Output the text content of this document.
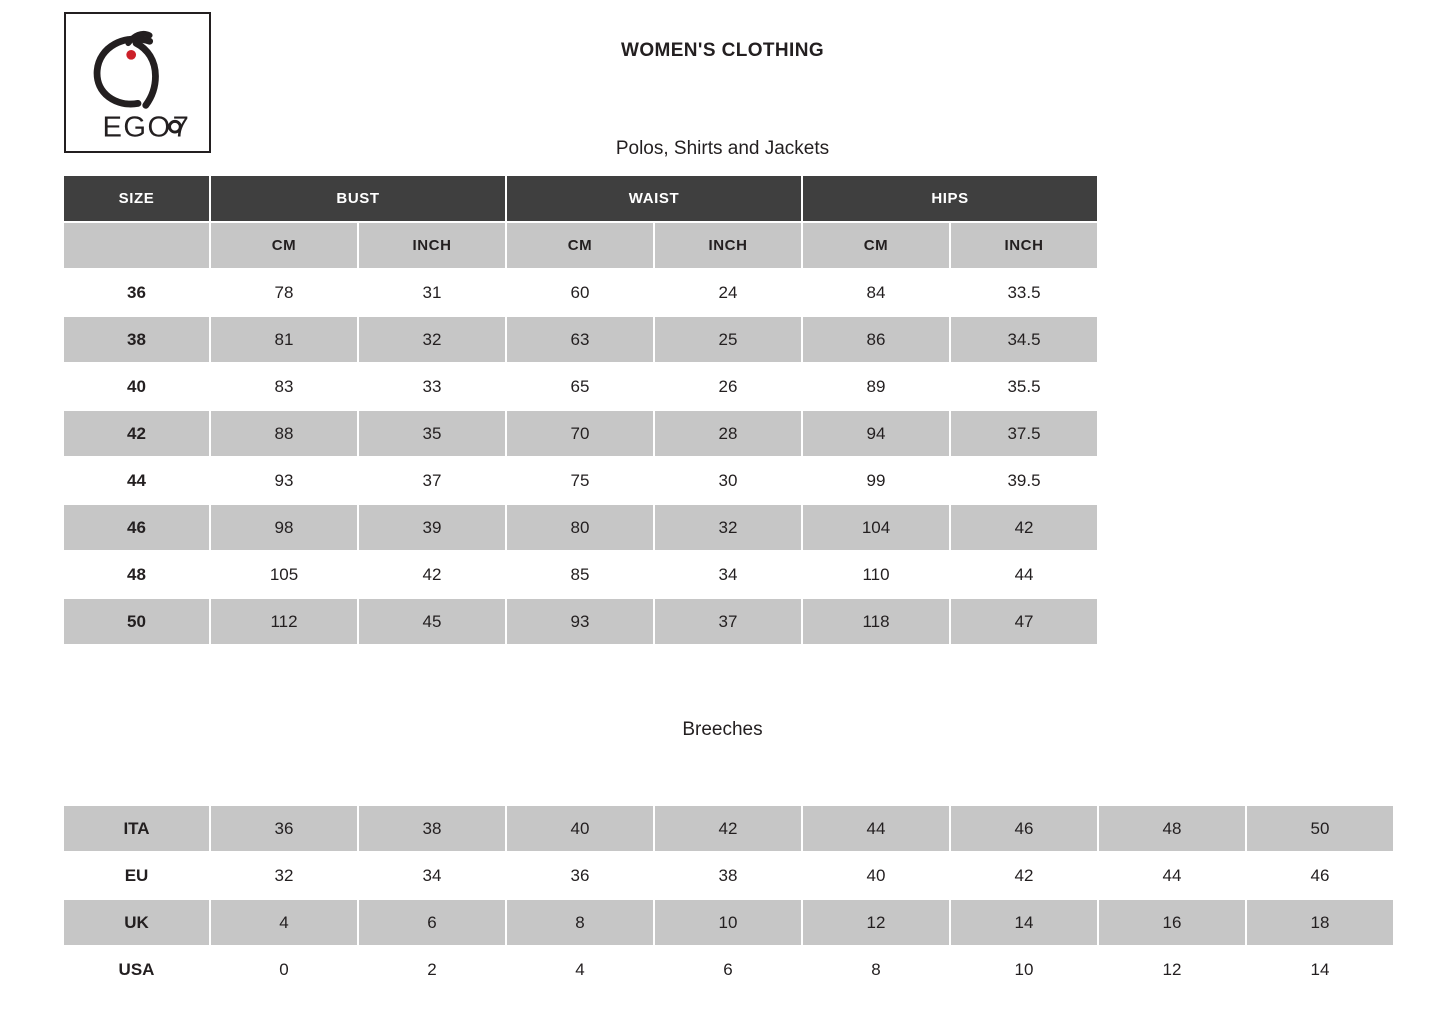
EGO 7
WOMEN'S CLOTHING
Polos, Shirts and Jackets
SIZE	BUST		WAIST		HIPS	
	CM	INCH	CM	INCH	CM	INCH
36	78	31	60	24	84	33.5
38	81	32	63	25	86	34.5
40	83	33	65	26	89	35.5
42	88	35	70	28	94	37.5
44	93	37	75	30	99	39.5
46	98	39	80	32	104	42
48	105	42	85	34	110	44
50	112	45	93	37	118	47
Breeches
ITA	36	38	40	42	44	46	48	50
EU	32	34	36	38	40	42	44	46
UK	4	6	8	10	12	14	16	18
USA	0	2	4	6	8	10	12	14
